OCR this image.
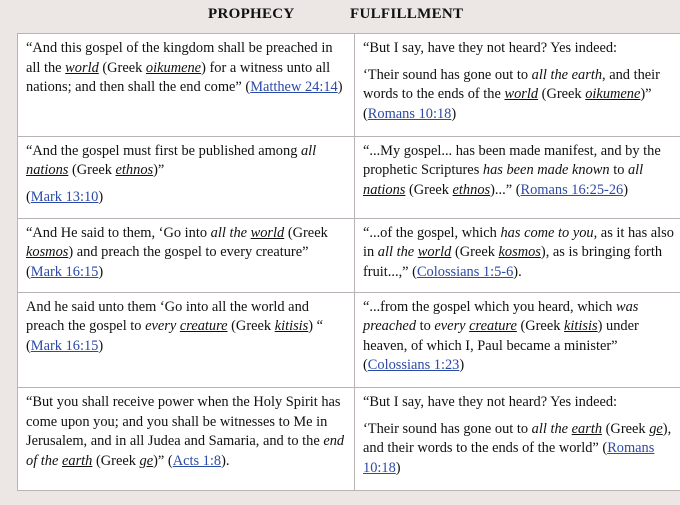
PROPHECY	FULFILLMENT

“And this gospel of the kingdom shall be preached in all the world (Greek oikumene) for a witness unto all nations; and then shall the end come” (Matthew 24:14)	“But I say, have they not heard? Yes indeed:

‘Their sound has gone out to all the earth, and their words to the ends of the world (Greek oikumene)” (Romans 10:18)

“And the gospel must first be published among all nations (Greek ethnos)”

(Mark 13:10)	“...My gospel... has been made manifest, and by the prophetic Scriptures has been made known to all nations (Greek ethnos)...” (Romans 16:25-26)

“And He said to them, ‘Go into all the world (Greek kosmos) and preach the gospel to every creature” (Mark 16:15)	“...of the gospel, which has come to you, as it has also in all the world (Greek kosmos), as is bringing forth fruit...,” (Colossians 1:5-6).

And he said unto them ‘Go into all the world and preach the gospel to every creature (Greek kitisis) “ (Mark 16:15)	“...from the gospel which you heard, which was preached to every creature (Greek kitisis) under heaven, of which I, Paul became a minister” (Colossians 1:23)

“But you shall receive power when the Holy Spirit has come upon you; and you shall be witnesses to Me in Jerusalem, and in all Judea and Samaria, and to the end of the earth (Greek ge)” (Acts 1:8).	“But I say, have they not heard? Yes indeed:

‘Their sound has gone out to all the earth (Greek ge), and their words to the ends of the world” (Romans 10:18)
